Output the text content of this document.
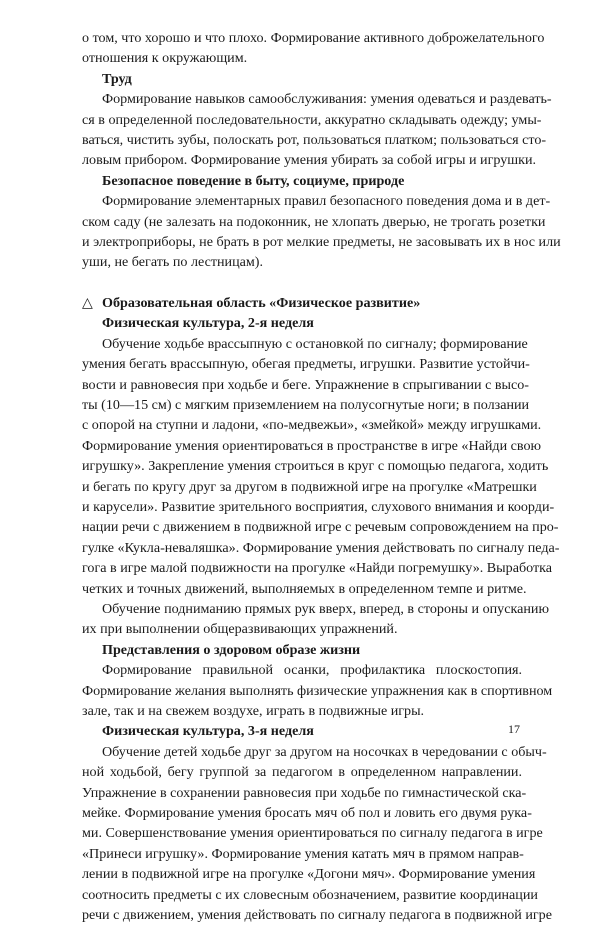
о том, что хорошо и что плохо. Формирование активного доброжелательного
отношения к окружающим.
Труд
Формирование навыков самообслуживания: умения одеваться и раздевать-
ся в определенной последовательности, аккуратно складывать одежду; умы-
ваться, чистить зубы, полоскать рот, пользоваться платком; пользоваться сто-
ловым прибором. Формирование умения убирать за собой игры и игрушки.
Безопасное поведение в быту, социуме, природе
Формирование элементарных правил безопасного поведения дома и в дет-
ском саду (не залезать на подоконник, не хлопать дверью, не трогать розетки
и электроприборы, не брать в рот мелкие предметы, не засовывать их в нос или
уши, не бегать по лестницам).
△ Образовательная область «Физическое развитие»
Физическая культура, 2-я неделя
Обучение ходьбе врассыпную с остановкой по сигналу; формирование
умения бегать врассыпную, обегая предметы, игрушки. Развитие устойчи-
вости и равновесия при ходьбе и беге. Упражнение в спрыгивании с высо-
ты (10—15 см) с мягким приземлением на полусогнутые ноги; в ползании
с опорой на ступни и ладони, «по-медвежьи», «змейкой» между игрушками.
Формирование умения ориентироваться в пространстве в игре «Найди свою
игрушку». Закрепление умения строиться в круг с помощью педагога, ходить
и бегать по кругу друг за другом в подвижной игре на прогулке «Матрешки
и карусели». Развитие зрительного восприятия, слухового внимания и коорди-
нации речи с движением в подвижной игре с речевым сопровождением на про-
гулке «Кукла-неваляшка». Формирование умения действовать по сигналу педа-
гога в игре малой подвижности на прогулке «Найди погремушку». Выработка
четких и точных движений, выполняемых в определенном темпе и ритме.
Обучение подниманию прямых рук вверх, вперед, в стороны и опусканию
их при выполнении общеразвивающих упражнений.
Представления о здоровом образе жизни
Формирование правильной осанки, профилактика плоскостопия.
Формирование желания выполнять физические упражнения как в спортивном
зале, так и на свежем воздухе, играть в подвижные игры.
Физическая культура, 3-я неделя
Обучение детей ходьбе друг за другом на носочках в чередовании с обыч-
ной ходьбой, бегу группой за педагогом в определенном направлении.
Упражнение в сохранении равновесия при ходьбе по гимнастической ска-
мейке. Формирование умения бросать мяч об пол и ловить его двумя рука-
ми. Совершенствование умения ориентироваться по сигналу педагога в игре
«Принеси игрушку». Формирование умения катать мяч в прямом направ-
лении в подвижной игре на прогулке «Догони мяч». Формирование умения
соотносить предметы с их словесным обозначением, развитие координации
речи с движением, умения действовать по сигналу педагога в подвижной игре
17
